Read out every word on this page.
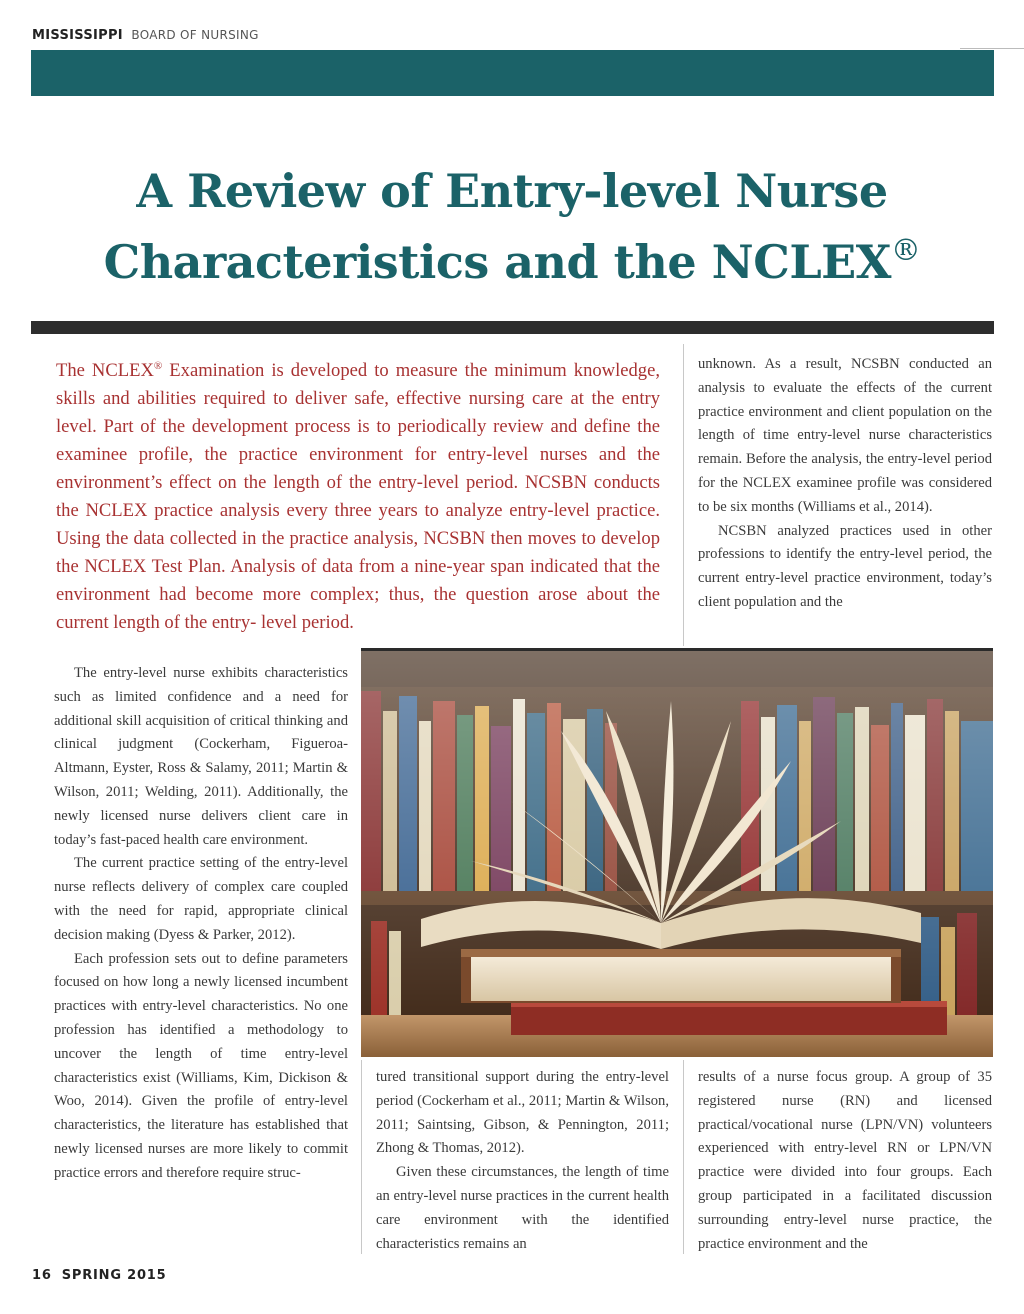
MISSISSIPPI BOARD OF NURSING
A Review of Entry-level Nurse
Characteristics and the NCLEX®
The NCLEX® Examination is developed to measure the minimum knowledge, skills and abilities required to deliver safe, effective nursing care at the entry level. Part of the development process is to periodically review and define the examinee profile, the practice environment for entry-level nurses and the environment’s effect on the length of the entry-level period. NCSBN conducts the NCLEX practice analysis every three years to analyze entry-level practice. Using the data collected in the practice analysis, NCSBN then moves to develop the NCLEX Test Plan. Analysis of data from a nine-year span indicated that the environment had become more complex; thus, the question arose about the current length of the entry- level period.

unknown. As a result, NCSBN conducted an analysis to evaluate the effects of the current practice environment and client population on the length of time entry-level nurse characteristics remain. Before the analysis, the entry-level period for the NCLEX examinee profile was considered to be six months (Williams et al., 2014).

NCSBN analyzed practices used in other professions to identify the entry-level period, the current entry-level practice environment, today’s client population and the

The entry-level nurse exhibits characteristics such as limited confidence and a need for additional skill acquisition of critical thinking and clinical judgment (Cockerham, Figueroa-Altmann, Eyster, Ross & Salamy, 2011; Martin & Wilson, 2011; Welding, 2011). Additionally, the newly licensed nurse delivers client care in today’s fast-paced health care environment.

The current practice setting of the entry-level nurse reflects delivery of complex care coupled with the need for rapid, appropriate clinical decision making (Dyess & Parker, 2012).

Each profession sets out to define parameters focused on how long a newly licensed incumbent practices with entry-level characteristics. No one profession has identified a methodology to uncover the length of time entry-level characteristics exist (Williams, Kim, Dickison & Woo, 2014). Given the profile of entry-level characteristics, the literature has established that newly licensed nurses are more likely to commit practice errors and therefore require struc-

tured transitional support during the entry-level period (Cockerham et al., 2011; Martin & Wilson, 2011; Saintsing, Gibson, & Pennington, 2011; Zhong & Thomas, 2012).

Given these circumstances, the length of time an entry-level nurse practices in the current health care environment with the identified characteristics remains an

results of a nurse focus group. A group of 35 registered nurse (RN) and licensed practical/vocational nurse (LPN/VN) volunteers experienced with entry-level RN or LPN/VN practice were divided into four groups. Each group participated in a facilitated discussion surrounding entry-level nurse practice, the practice environment and the

16 SPRING 2015
